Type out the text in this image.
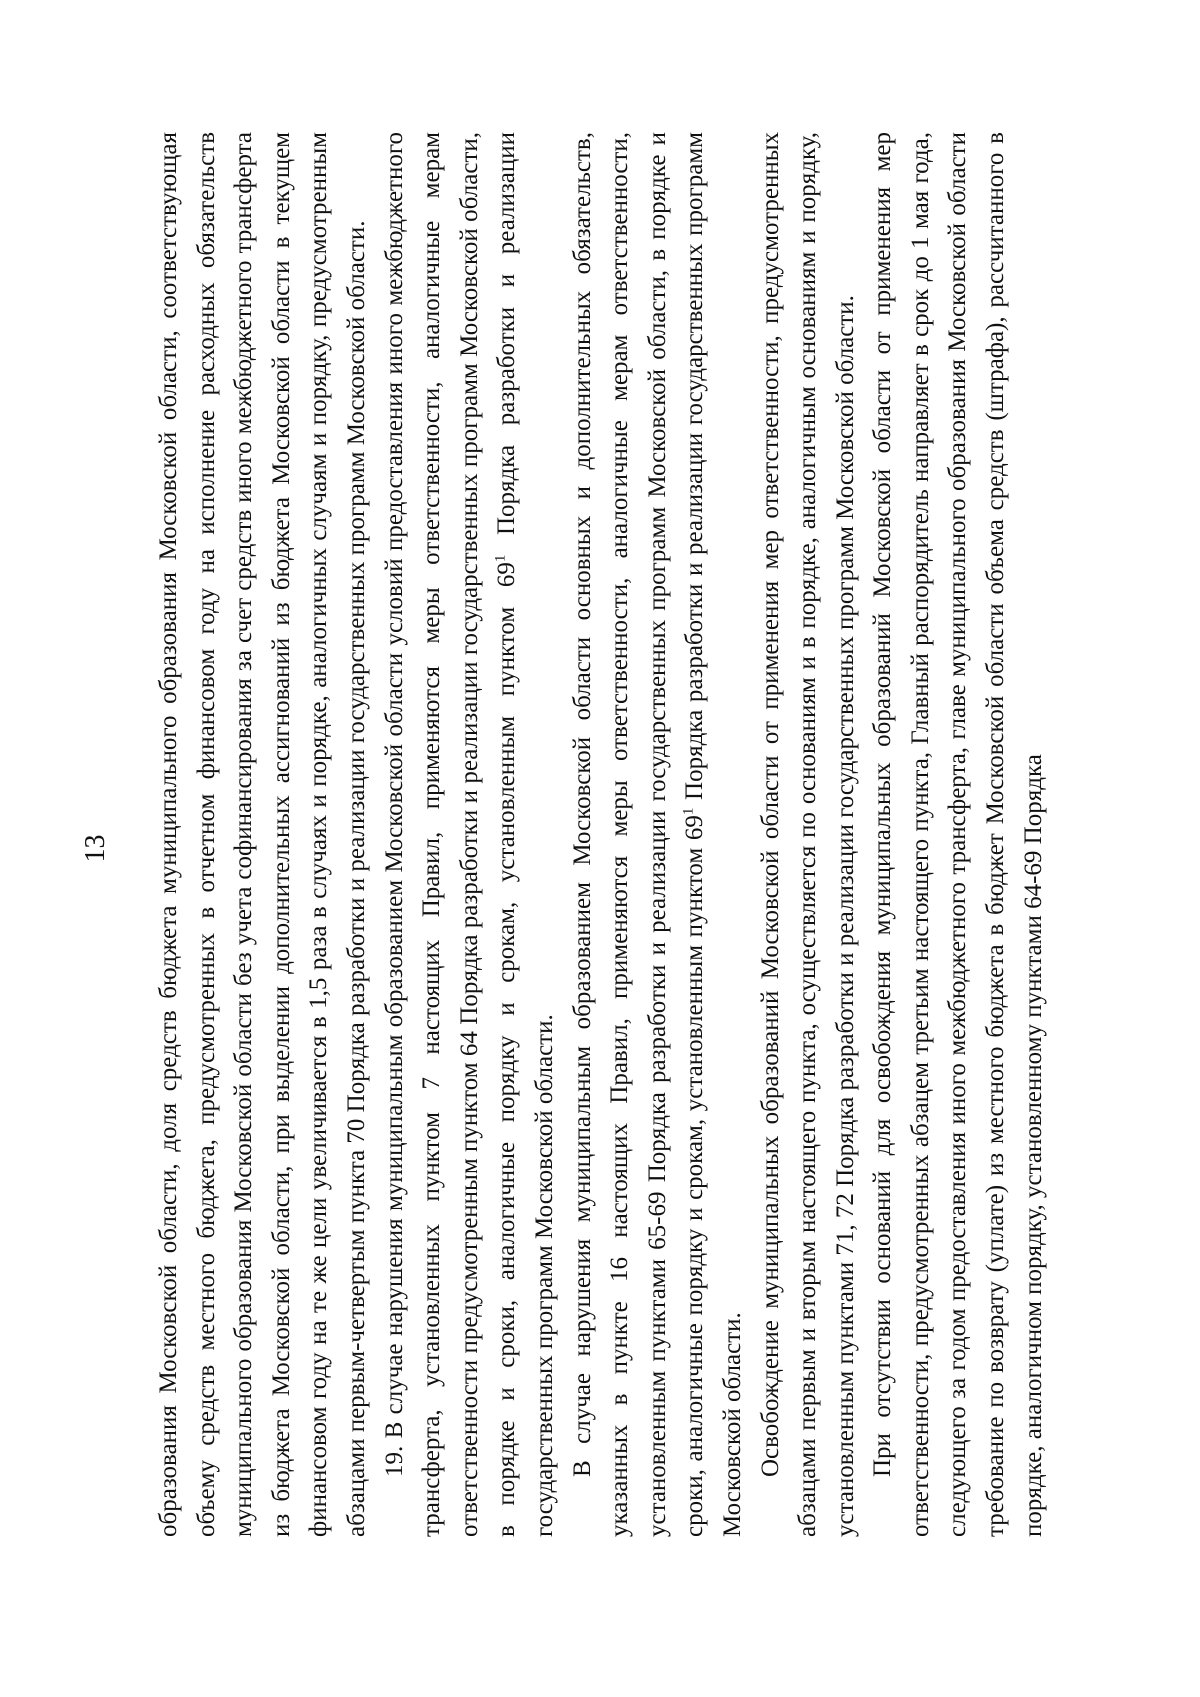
13 образования Московской области, доля средств бюджета муниципального образования Московской области, соответствующая объему средств местного бюджета, предусмотренных в отчетном финансовом году на исполнение расходных обязательств муниципального образования Московской области без учета софинансирования за счет средств иного межбюджетного трансферта из бюджета Московской области, при выделении дополнительных ассигнований из бюджета Московской области в текущем финансовом году на те же цели увеличивается в 1,5 раза в случаях и порядке, аналогичных случаям и порядку, предусмотренным абзацами первым-четвертым пункта 70 Порядка разработки и реализации государственных программ Московской области. 19. В случае нарушения муниципальным образованием Московской области условий предоставления иного межбюджетного трансферта, установленных пунктом 7 настоящих Правил, применяются меры ответственности, аналогичные мерам ответственности предусмотренным пунктом 64 Порядка разработки и реализации государственных программ Московской области, в порядке и сроки, аналогичные порядку и срокам, установленным пунктом $69^1$ Порядка разработки и реализации государственных программ Московской области. В случае нарушения муниципальным образованием Московской области основных и дополнительных обязательств, указанных в пункте 16 настоящих Правил, применяются меры ответственности, аналогичные мерам ответственности, установленным пунктами 65-69 Порядка разработки и реализации государственных программ Московской области, в порядке и сроки, аналогичные порядку и срокам, установленным пунктом $69^1$ Порядка разработки и реализации государственных программ Московской области. Освобождение муниципальных образований Московской области от применения мер ответственности, предусмотренных абзацами первым и вторым настоящего пункта, осуществляется по основаниям и в порядке, аналогичным основаниям и порядку, установленным пунктами 71, 72 Порядка разработки и реализации государственных программ Московской области. При отсутствии оснований для освобождения муниципальных образований Московской области от применения мер ответственности, предусмотренных абзацем третьим настоящего пункта, Главный распорядитель направляет в срок до 1 мая года, следующего за годом предоставления иного межбюджетного трансферта, главе муниципального образования Московской области требование по возврату (уплате) из местного бюджета в бюджет Московской области объема средств (штрафа), рассчитанного в порядке, аналогичном порядку, установленному пунктами 64-69 Порядка
